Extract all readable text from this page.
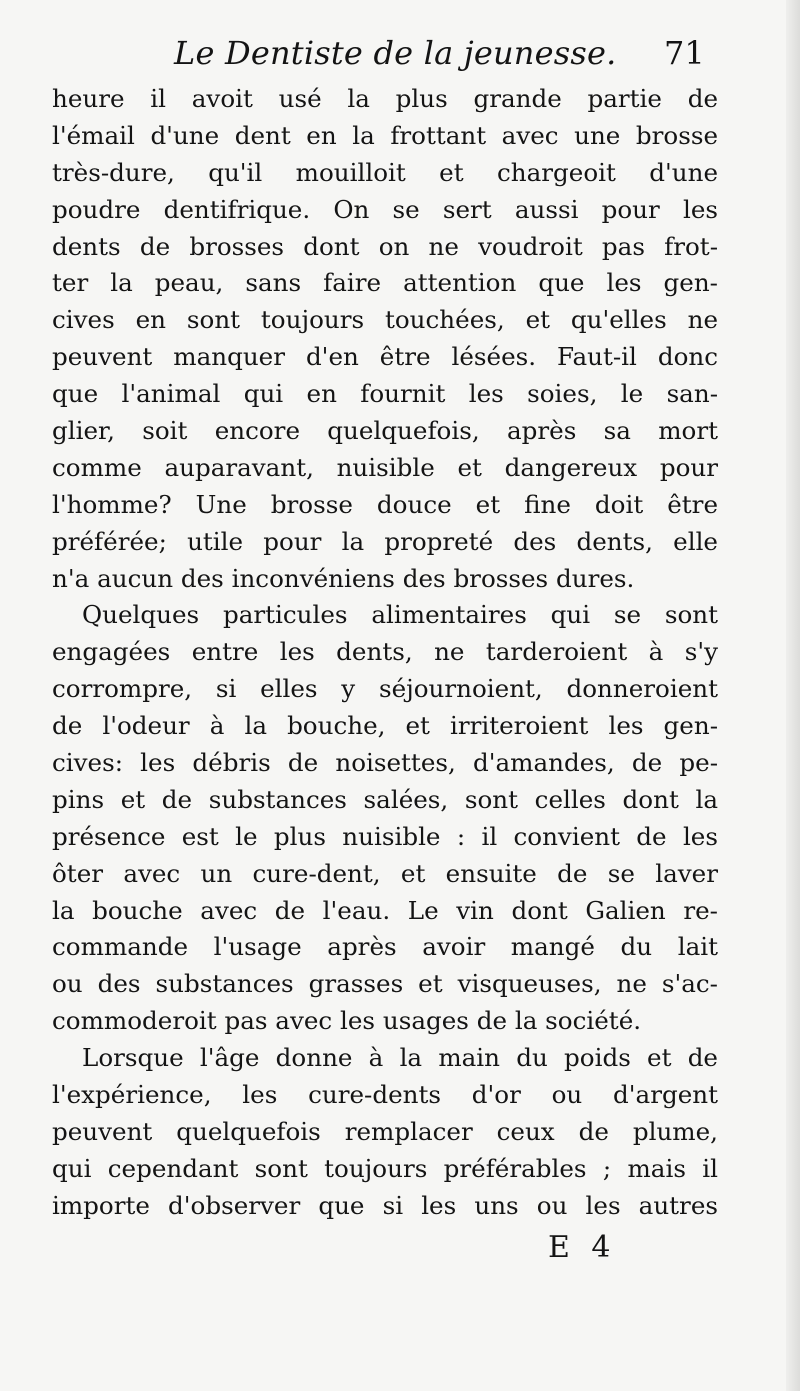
Le Dentiste de la jeunesse. 71
heure il avoit usé la plus grande partie de
l'émail d'une dent en la frottant avec une brosse
très-dure, qu'il mouilloit et chargeoit d'une
poudre dentifrique. On se sert aussi pour les
dents de brosses dont on ne voudroit pas frot-
ter la peau, sans faire attention que les gen-
cives en sont toujours touchées, et qu'elles ne
peuvent manquer d'en être lésées. Faut-il donc
que l'animal qui en fournit les soies, le san-
glier, soit encore quelquefois, après sa mort
comme auparavant, nuisible et dangereux pour
l'homme? Une brosse douce et fine doit être
préférée; utile pour la propreté des dents, elle
n'a aucun des inconvéniens des brosses dures.
Quelques particules alimentaires qui se sont
engagées entre les dents, ne tarderoient à s'y
corrompre, si elles y séjournoient, donneroient
de l'odeur à la bouche, et irriteroient les gen-
cives: les débris de noisettes, d'amandes, de pe-
pins et de substances salées, sont celles dont la
présence est le plus nuisible : il convient de les
ôter avec un cure-dent, et ensuite de se laver
la bouche avec de l'eau. Le vin dont Galien re-
commande l'usage après avoir mangé du lait
ou des substances grasses et visqueuses, ne s'ac-
commoderoit pas avec les usages de la société.
Lorsque l'âge donne à la main du poids et de
l'expérience, les cure-dents d'or ou d'argent
peuvent quelquefois remplacer ceux de plume,
qui cependant sont toujours préférables ; mais il
importe d'observer que si les uns ou les autres
E 4
